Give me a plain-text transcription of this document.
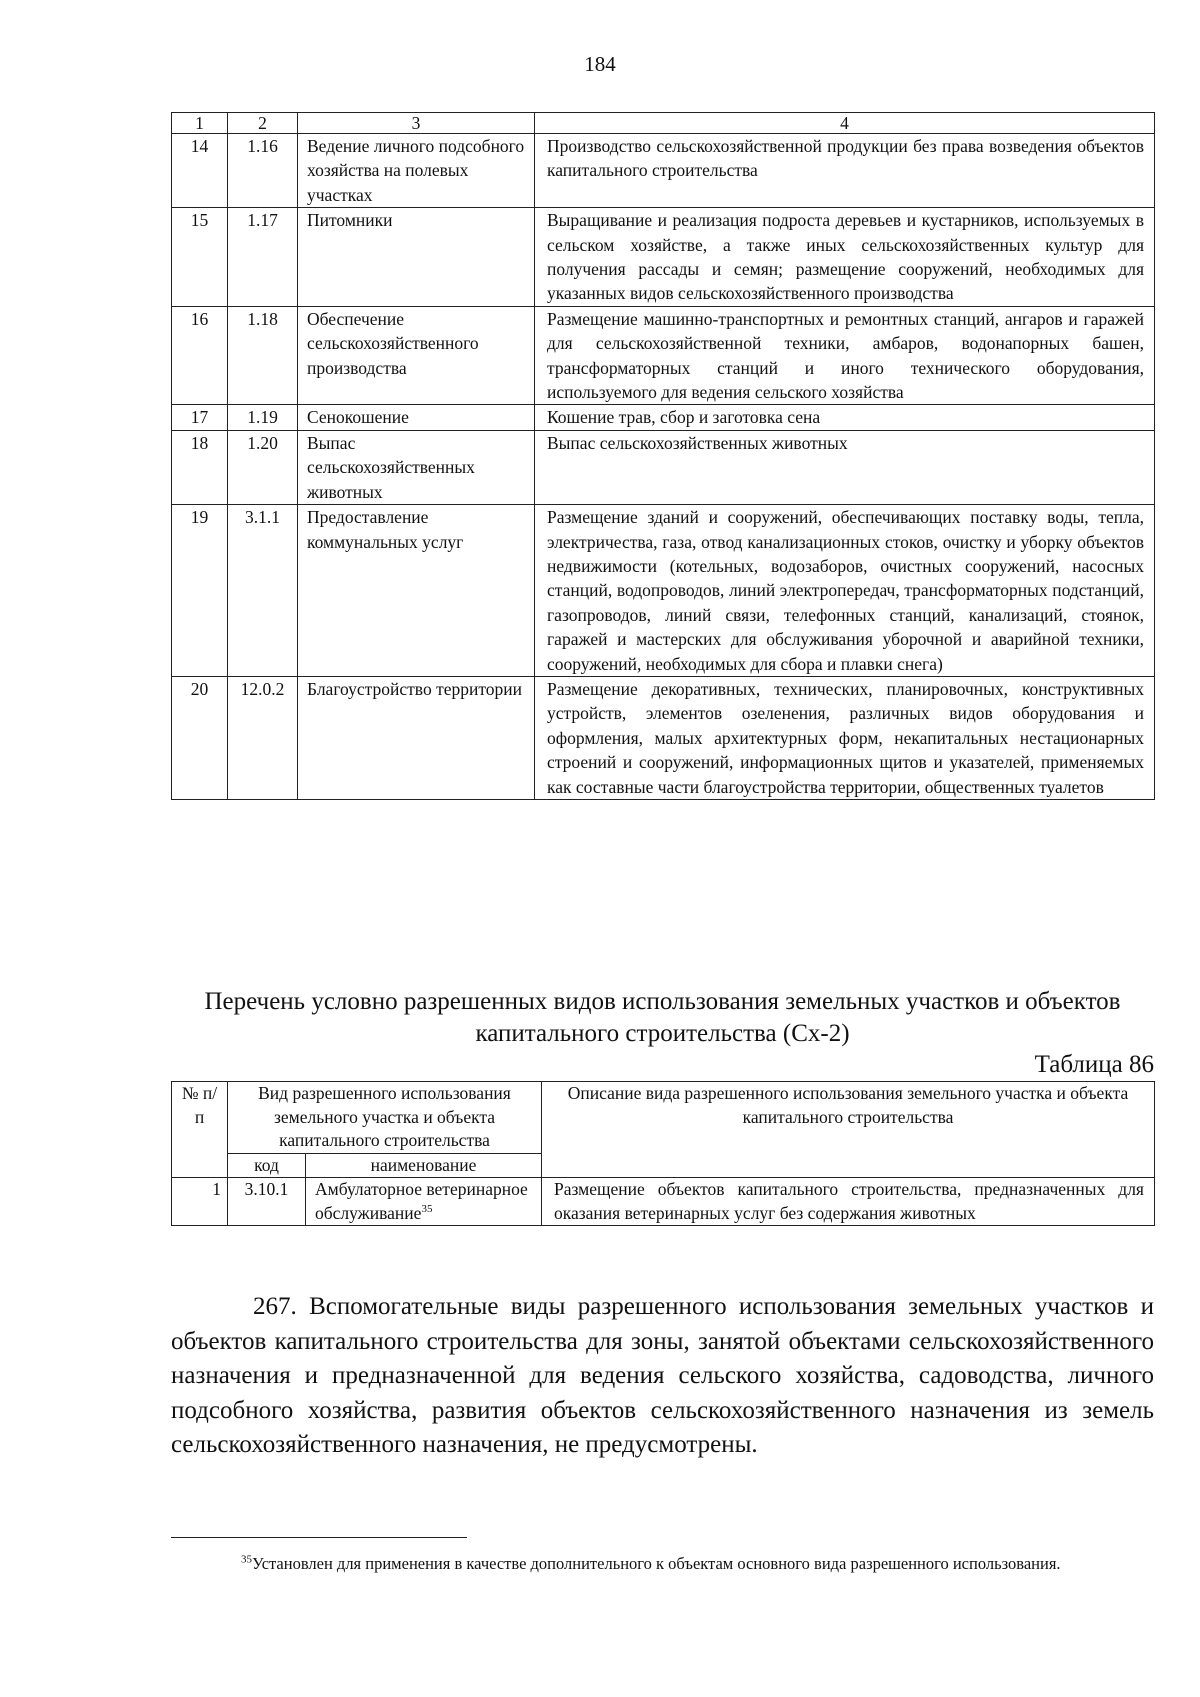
184
1	2	3	4
14	1.16	Ведение личного подсобного хозяйства на полевых участках	Производство сельскохозяйственной продукции без права возведения объектов капитального строительства
15	1.17	Питомники	Выращивание и реализация подроста деревьев и кустарников, используемых в сельском хозяйстве, а также иных сельскохозяйственных культур для получения рассады и семян; размещение сооружений, необходимых для указанных видов сельскохозяйственного производства
16	1.18	Обеспечение сельскохозяйственного производства	Размещение машинно-транспортных и ремонтных станций, ангаров и гаражей для сельскохозяйственной техники, амбаров, водонапорных башен, трансформаторных станций и иного технического оборудования, используемого для ведения сельского хозяйства
17	1.19	Сенокошение	Кошение трав, сбор и заготовка сена
18	1.20	Выпас сельскохозяйственных животных	Выпас сельскохозяйственных животных
19	3.1.1	Предоставление коммунальных услуг	Размещение зданий и сооружений, обеспечивающих поставку воды, тепла, электричества, газа, отвод канализационных стоков, очистку и уборку объектов недвижимости (котельных, водозаборов, очистных сооружений, насосных станций, водопроводов, линий электропередач, трансформаторных подстанций, газопроводов, линий связи, телефонных станций, канализаций, стоянок, гаражей и мастерских для обслуживания уборочной и аварийной техники, сооружений, необходимых для сбора и плавки снега)
20	12.0.2	Благоустройство территории	Размещение декоративных, технических, планировочных, конструктивных устройств, элементов озеленения, различных видов оборудования и оформления, малых архитектурных форм, некапитальных нестационарных строений и сооружений, информационных щитов и указателей, применяемых как составные части благоустройства территории, общественных туалетов
Перечень условно разрешенных видов использования земельных участков и объектов капитального строительства (Сх-2)
Таблица 86
№ п/п	Вид разрешенного использования земельного участка и объекта капитального строительства		Описание вида разрешенного использования земельного участка и объекта капитального строительства
	код	наименование	
1	3.10.1	Амбулаторное ветеринарное обслуживание$^{35}$	Размещение объектов капитального строительства, предназначенных для оказания ветеринарных услуг без содержания животных
267. Вспомогательные виды разрешенного использования земельных участков и объектов капитального строительства для зоны, занятой объектами сельскохозяйственного назначения и предназначенной для ведения сельского хозяйства, садоводства, личного подсобного хозяйства, развития объектов сельскохозяйственного назначения из земель сельскохозяйственного назначения, не предусмотрены.
$^{35}$Установлен для применения в качестве дополнительного к объектам основного вида разрешенного использования.
